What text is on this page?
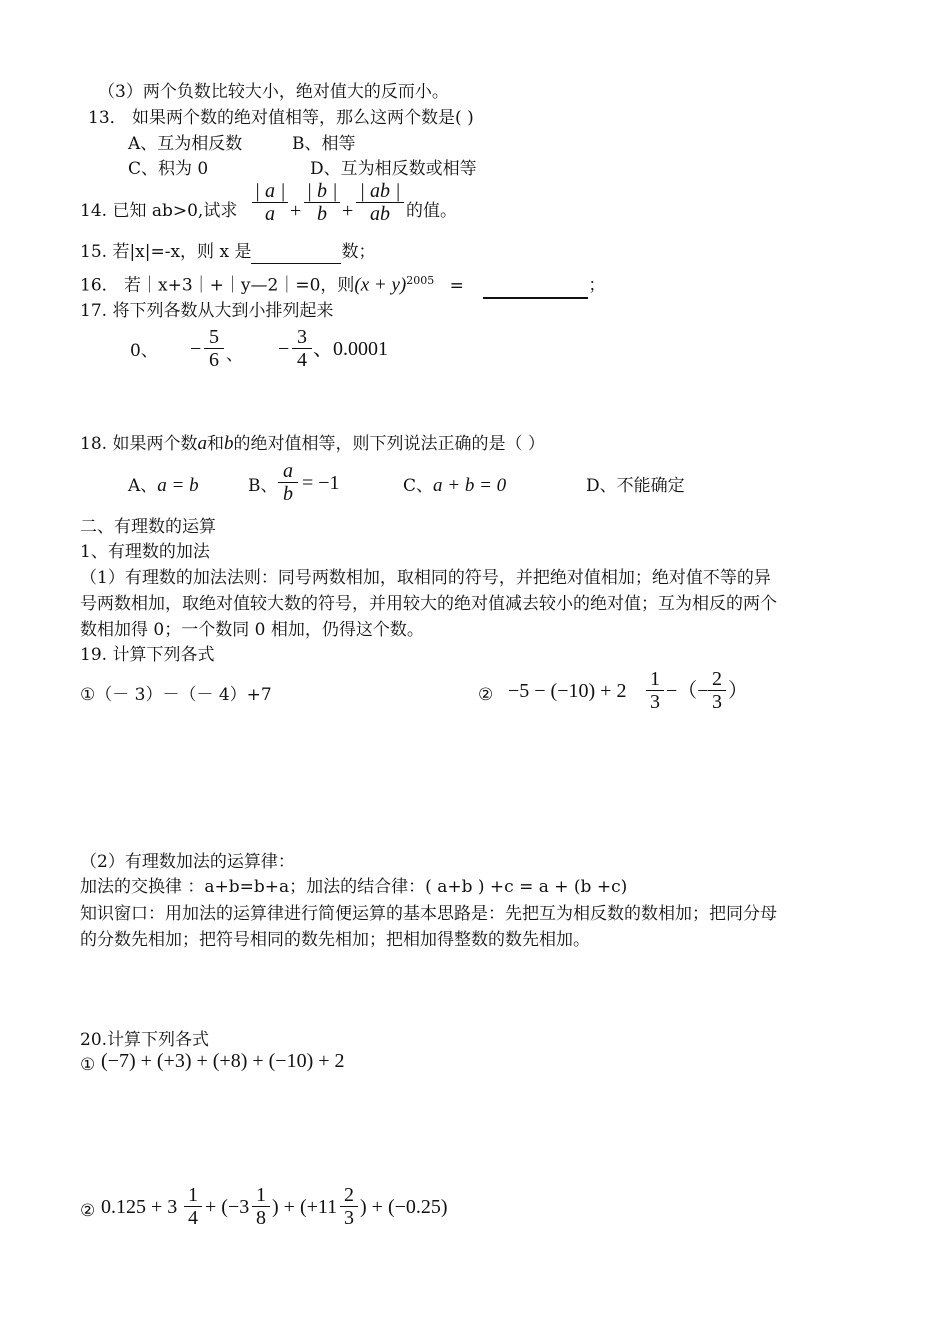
（3）两个负数比较大小，绝对值大的反而小。
13． 如果两个数的绝对值相等，那么这两个数是( )
A、互为相反数	B、相等
C、积为 0	D、互为相反数或相等
14. 已知 ab>0,试求 $\frac{| a |}{a} + \frac{| b |}{b} + \frac{| ab |}{ab}$ 的值。
15. 若|x|=-x，则 x 是	数；
16． 若｜x+3｜+｜y—2｜=0，则$(x + y)^{2005}$ =	；
17. 将下列各数从大到小排列起来
0、 − $\frac{5}{6}$ 、 − $\frac{3}{4}$ 、0.0001
18. 如果两个数a和b的绝对值相等，则下列说法正确的是（ ）
A、a = b	B、 $\frac{a}{b} = -1$	C、a + b = 0	D、不能确定
二、有理数的运算
1、有理数的加法
（1）有理数的加法法则：同号两数相加，取相同的符号，并把绝对值相加；绝对值不等的异
号两数相加，取绝对值较大数的符号，并用较大的绝对值减去较小的绝对值；互为相反的两个
数相加得 0；一个数同 0 相加，仍得这个数。
19. 计算下列各式
①（－ 3）－（－ 4）+7	② $-5 - (-10) + 2 \frac{1}{3}$ −（− $\frac{2}{3}$ ）
（2）有理数加法的运算律：
加法的交换律 ：a+b=b+a；加法的结合律：( a+b ) +c = a + (b +c)
知识窗口：用加法的运算律进行简便运算的基本思路是：先把互为相反数的数相加；把同分母
的分数先相加；把符号相同的数先相加；把相加得整数的数先相加。
20.计算下列各式
① (−7) + (+3) + (+8) + (−10) + 2
② $0.125 + 3 \frac{1}{4} + (-3 \frac{1}{8}$ ) + ($+11 \frac{2}{3}$ ) + (−0.25)
